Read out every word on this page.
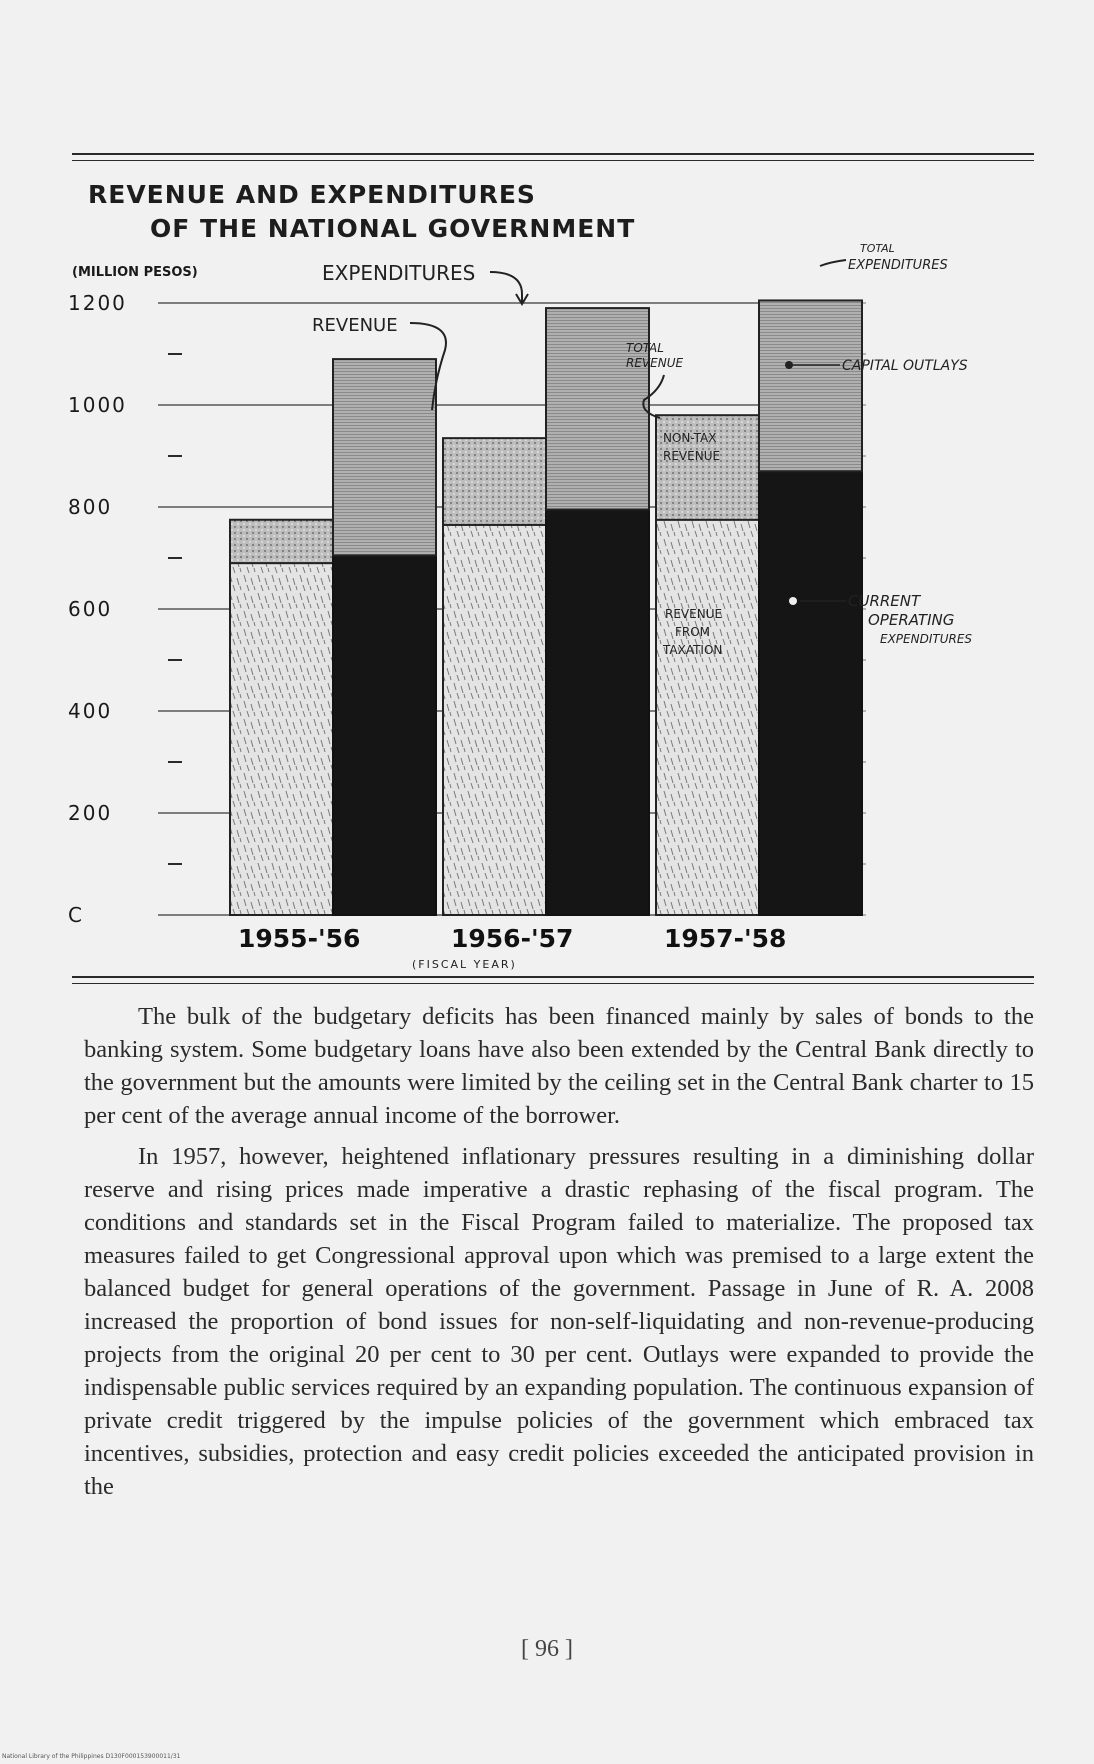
REVENUE AND EXPENDITURES
OF THE NATIONAL GOVERNMENT
C
200
400
600
800
1000
1200
(MILLION PESOS)
1955-'56	1956-'57	1957-'58
(FISCAL YEAR)
EXPENDITURES
REVENUE
TOTAL
REVENUE
NON-TAX
REVENUE
REVENUE
FROM
TAXATION
TOTAL
EXPENDITURES
CAPITAL OUTLAYS
CURRENT
OPERATING
EXPENDITURES

The bulk of the budgetary deficits has been financed mainly by sales of bonds to the banking system. Some budgetary loans have also been extended by the Central Bank directly to the government but the amounts were limited by the ceiling set in the Central Bank charter to 15 per cent of the average annual income of the borrower.

In 1957, however, heightened inflationary pressures resulting in a diminishing dollar reserve and rising prices made imperative a drastic rephasing of the fiscal program. The conditions and standards set in the Fiscal Program failed to materialize. The proposed tax measures failed to get Congressional approval upon which was premised to a large extent the balanced budget for general operations of the government. Passage in June of R. A. 2008 increased the proportion of bond issues for non-self-liquidating and non-revenue-producing projects from the original 20 per cent to 30 per cent. Outlays were expanded to provide the indispensable public services required by an expanding population. The continuous expansion of private credit triggered by the impulse policies of the government which embraced tax incentives, subsidies, protection and easy credit policies exceeded the anticipated provision in the

[ 96 ]
National Library of the Philippines D130F000153900011/31
